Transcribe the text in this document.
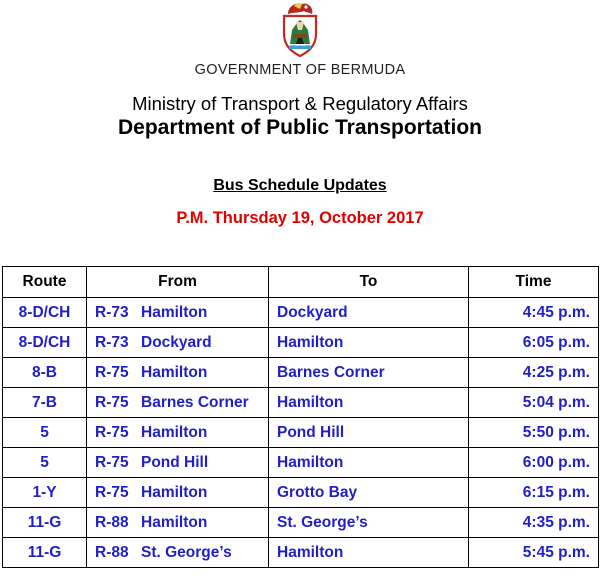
GOVERNMENT OF BERMUDA
Ministry of Transport & Regulatory Affairs
Department of Public Transportation
Bus Schedule Updates
P.M. Thursday 19, October 2017
Route	From	To	Time
8-D/CH	R-73 Hamilton	Dockyard	4:45 p.m.
8-D/CH	R-73 Dockyard	Hamilton	6:05 p.m.
8-B	R-75 Hamilton	Barnes Corner	4:25 p.m.
7-B	R-75 Barnes Corner	Hamilton	5:04 p.m.
5	R-75 Hamilton	Pond Hill	5:50 p.m.
5	R-75 Pond Hill	Hamilton	6:00 p.m.
1-Y	R-75 Hamilton	Grotto Bay	6:15 p.m.
11-G	R-88 Hamilton	St. George’s	4:35 p.m.
11-G	R-88 St. George’s	Hamilton	5:45 p.m.
